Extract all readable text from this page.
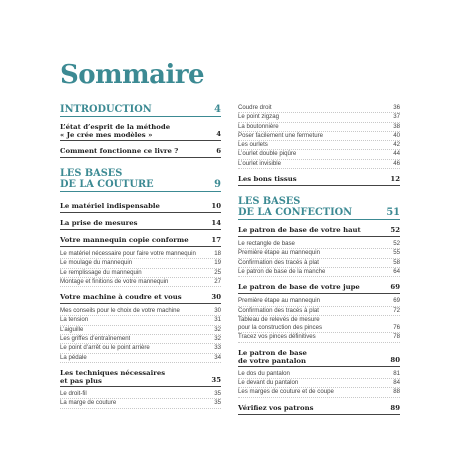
Sommaire
INTRODUCTION	4
L’état d’esprit de la méthode
« Je crée mes modèles »	4
Comment fonctionne ce livre ?	6
LES BASES
DE LA COUTURE	9
Le matériel indispensable	10
La prise de mesures	14
Votre mannequin copie conforme	17
Le matériel nécessaire pour faire votre mannequin	18
Le moulage du mannequin	19
Le remplissage du mannequin	25
Montage et finitions de votre mannequin	27
Votre machine à coudre et vous	30
Mes conseils pour le choix de votre machine	30
La tension	31
L’aiguille	32
Les griffes d’entraînement	32
Le point d’arrêt ou le point arrière	33
La pédale	34
Les techniques nécessaires
et pas plus	35
Le droit-fil	35
La marge de couture	35
Coudre droit	36
Le point zigzag	37
La boutonnière	38
Poser facilement une fermeture	40
Les ourlets	42
L’ourlet double piqûre	44
L’ourlet invisible	46
Les bons tissus	12
LES BASES
DE LA CONFECTION	51
Le patron de base de votre haut	52
Le rectangle de base	52
Première étape au mannequin	55
Confirmation des tracés à plat	58
Le patron de base de la manche	64
Le patron de base de votre jupe	69
Première étape au mannequin	69
Confirmation des tracés à plat	72
Tableau de relevés de mesure
pour la construction des pinces	76
Tracez vos pinces définitives	78
Le patron de base
de votre pantalon	80
Le dos du pantalon	81
Le devant du pantalon	84
Les marges de couture et de coupe	88
Vérifiez vos patrons	89
